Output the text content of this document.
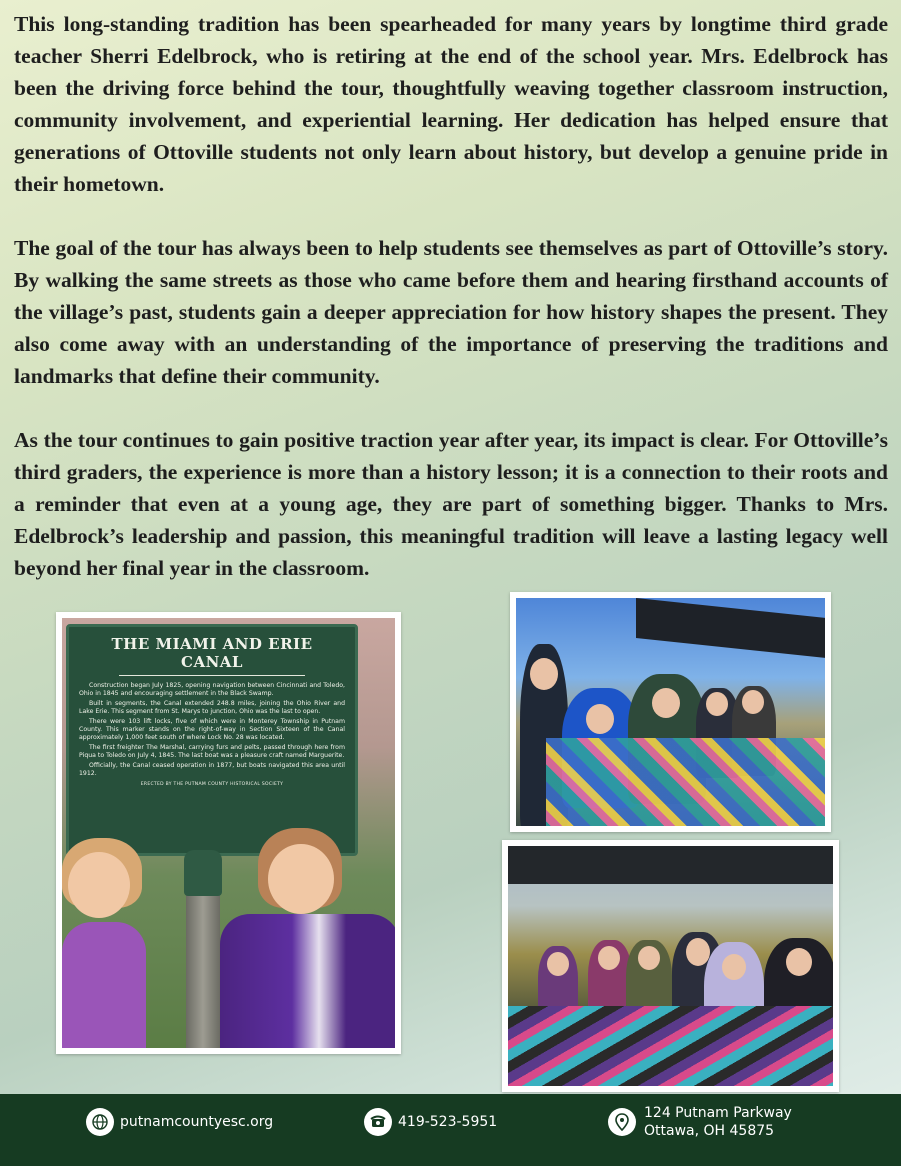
This long-standing tradition has been spearheaded for many years by longtime third grade teacher Sherri Edelbrock, who is retiring at the end of the school year. Mrs. Edelbrock has been the driving force behind the tour, thoughtfully weaving together classroom instruction, community involvement, and experiential learning. Her dedication has helped ensure that generations of Ottoville students not only learn about history, but develop a genuine pride in their hometown.

The goal of the tour has always been to help students see themselves as part of Ottoville’s story. By walking the same streets as those who came before them and hearing firsthand accounts of the village’s past, students gain a deeper appreciation for how history shapes the present. They also come away with an understanding of the importance of preserving the traditions and landmarks that define their community.

As the tour continues to gain positive traction year after year, its impact is clear. For Ottoville’s third graders, the experience is more than a history lesson; it is a connection to their roots and a reminder that even at a young age, they are part of something bigger. Thanks to Mrs. Edelbrock’s leadership and passion, this meaningful tradition will leave a lasting legacy well beyond her final year in the classroom.

THE MIAMI AND ERIE CANAL

Construction began July 1825, opening navigation between Cincinnati and Toledo, Ohio in 1845 and encouraging settlement in the Black Swamp.

Built in segments, the Canal extended 248.8 miles, joining the Ohio River and Lake Erie. This segment from St. Marys to junction, Ohio was the last to open.

There were 103 lift locks, five of which were in Monterey Township in Putnam County. This marker stands on the right-of-way in Section Sixteen of the Canal approximately 1,000 feet south of where Lock No. 28 was located.

The first freighter The Marshal, carrying furs and pelts, passed through here from Piqua to Toledo on July 4, 1845. The last boat was a pleasure craft named Marguerite.

Officially, the Canal ceased operation in 1877, but boats navigated this area until 1912.

ERECTED BY THE PUTNAM COUNTY HISTORICAL SOCIETY
putnamcountyesc.org	419-523-5951
124 Putnam Parkway
Ottawa, OH 45875
